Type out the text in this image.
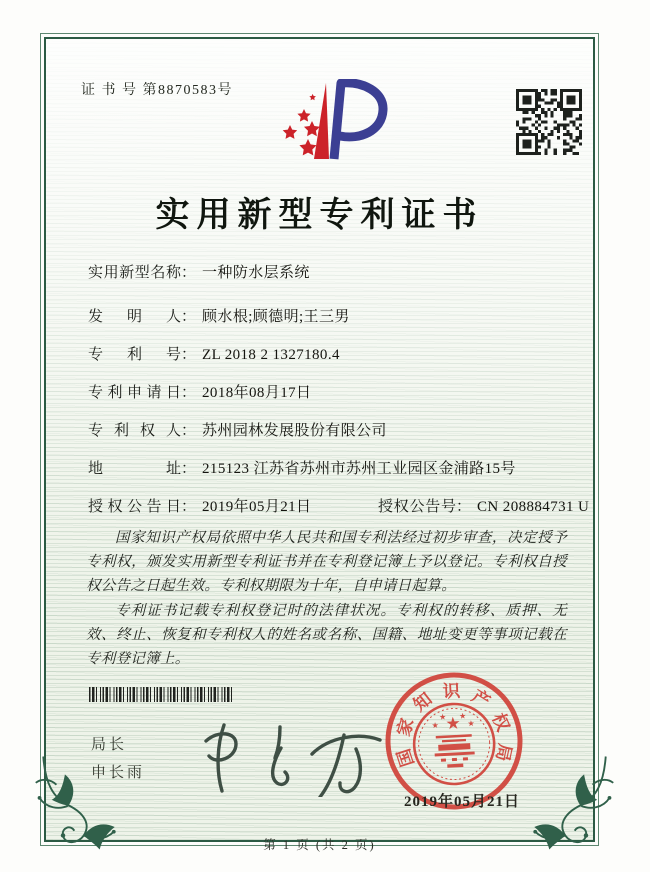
证 书 号 第8870583号
实用新型专利证书
实用新型名称： 一种防水层系统
发明人： 顾水根;顾德明;王三男
专利号： ZL 2018 2 1327180.4
专利申请日： 2018年08月17日
专利权人： 苏州园林发展股份有限公司
地址： 215123 江苏省苏州市苏州工业园区金浦路15号
授权公告日： 2019年05月21日	授权公告号： CN 208884731 U

国家知识产权局依照中华人民共和国专利法经过初步审查，决定授予专利权，颁发实用新型专利证书并在专利登记簿上予以登记。专利权自授权公告之日起生效。专利权期限为十年，自申请日起算。

专利证书记载专利权登记时的法律状况。专利权的转移、质押、无效、终止、恢复和专利权人的姓名或名称、国籍、地址变更等事项记载在专利登记簿上。

局长
申长雨
国
家
知 识 产
权
局
★
★
★ ★
★
2019年05月21日
第 1 页 (共 2 页)
